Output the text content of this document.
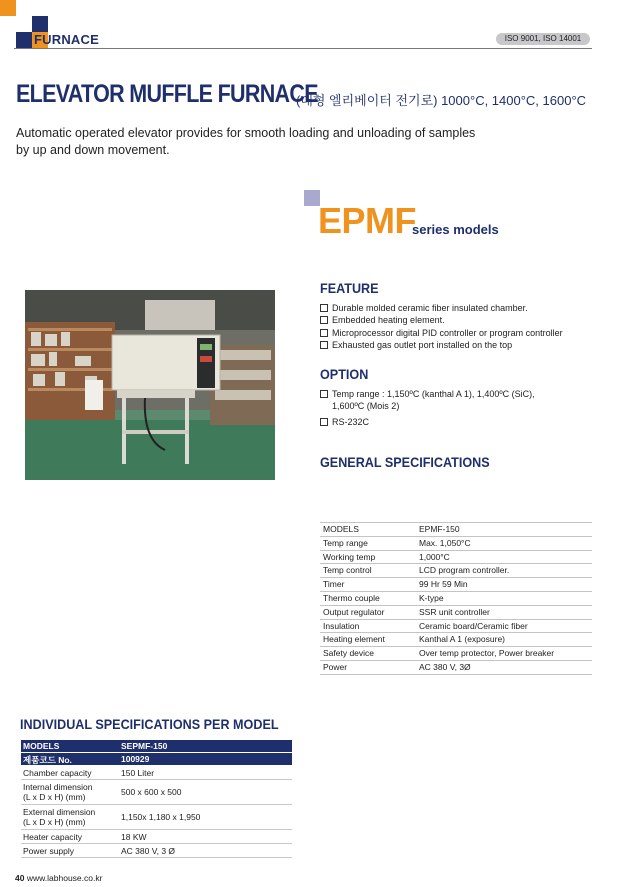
FURNACE	ISO 9001, ISO 14001
ELEVATOR MUFFLE FURNACE
(대형 엘리베이터 전기로) 1000°C, 1400°C, 1600°C
Automatic operated elevator provides for smooth loading and unloading of samples by up and down movement.
EPMF
series models
FEATURE
Durable molded ceramic fiber insulated chamber.
Embedded heating element.
Microprocessor digital PID controller or program controller
Exhausted gas outlet port installed on the top
OPTION
Temp range : 1,150ºC (kanthal A 1), 1,400ºC (SiC),
1,600ºC (Mois 2)
RS-232C
GENERAL SPECIFICATIONS
MODELS	EPMF-150
Temp range	Max. 1,050°C
Working temp	1,000°C
Temp control	LCD program controller.
Timer	99 Hr 59 Min
Thermo couple	K-type
Output regulator	SSR unit controller
Insulation	Ceramic board/Ceramic fiber
Heating element	Kanthal A 1 (exposure)
Safety device	Over temp protector, Power breaker
Power	AC 380 V, 3Ø
INDIVIDUAL SPECIFICATIONS PER MODEL
MODELS	SEPMF-150
제품코드 No.	100929
Chamber capacity	150 Liter
Internal dimension
(L x D x H) (mm)	500 x 600 x 500
External dimension
(L x D x H) (mm)	1,150x 1,180 x 1,950
Heater capacity	18 KW
Power supply	AC 380 V, 3 Ø
40 www.labhouse.co.kr
